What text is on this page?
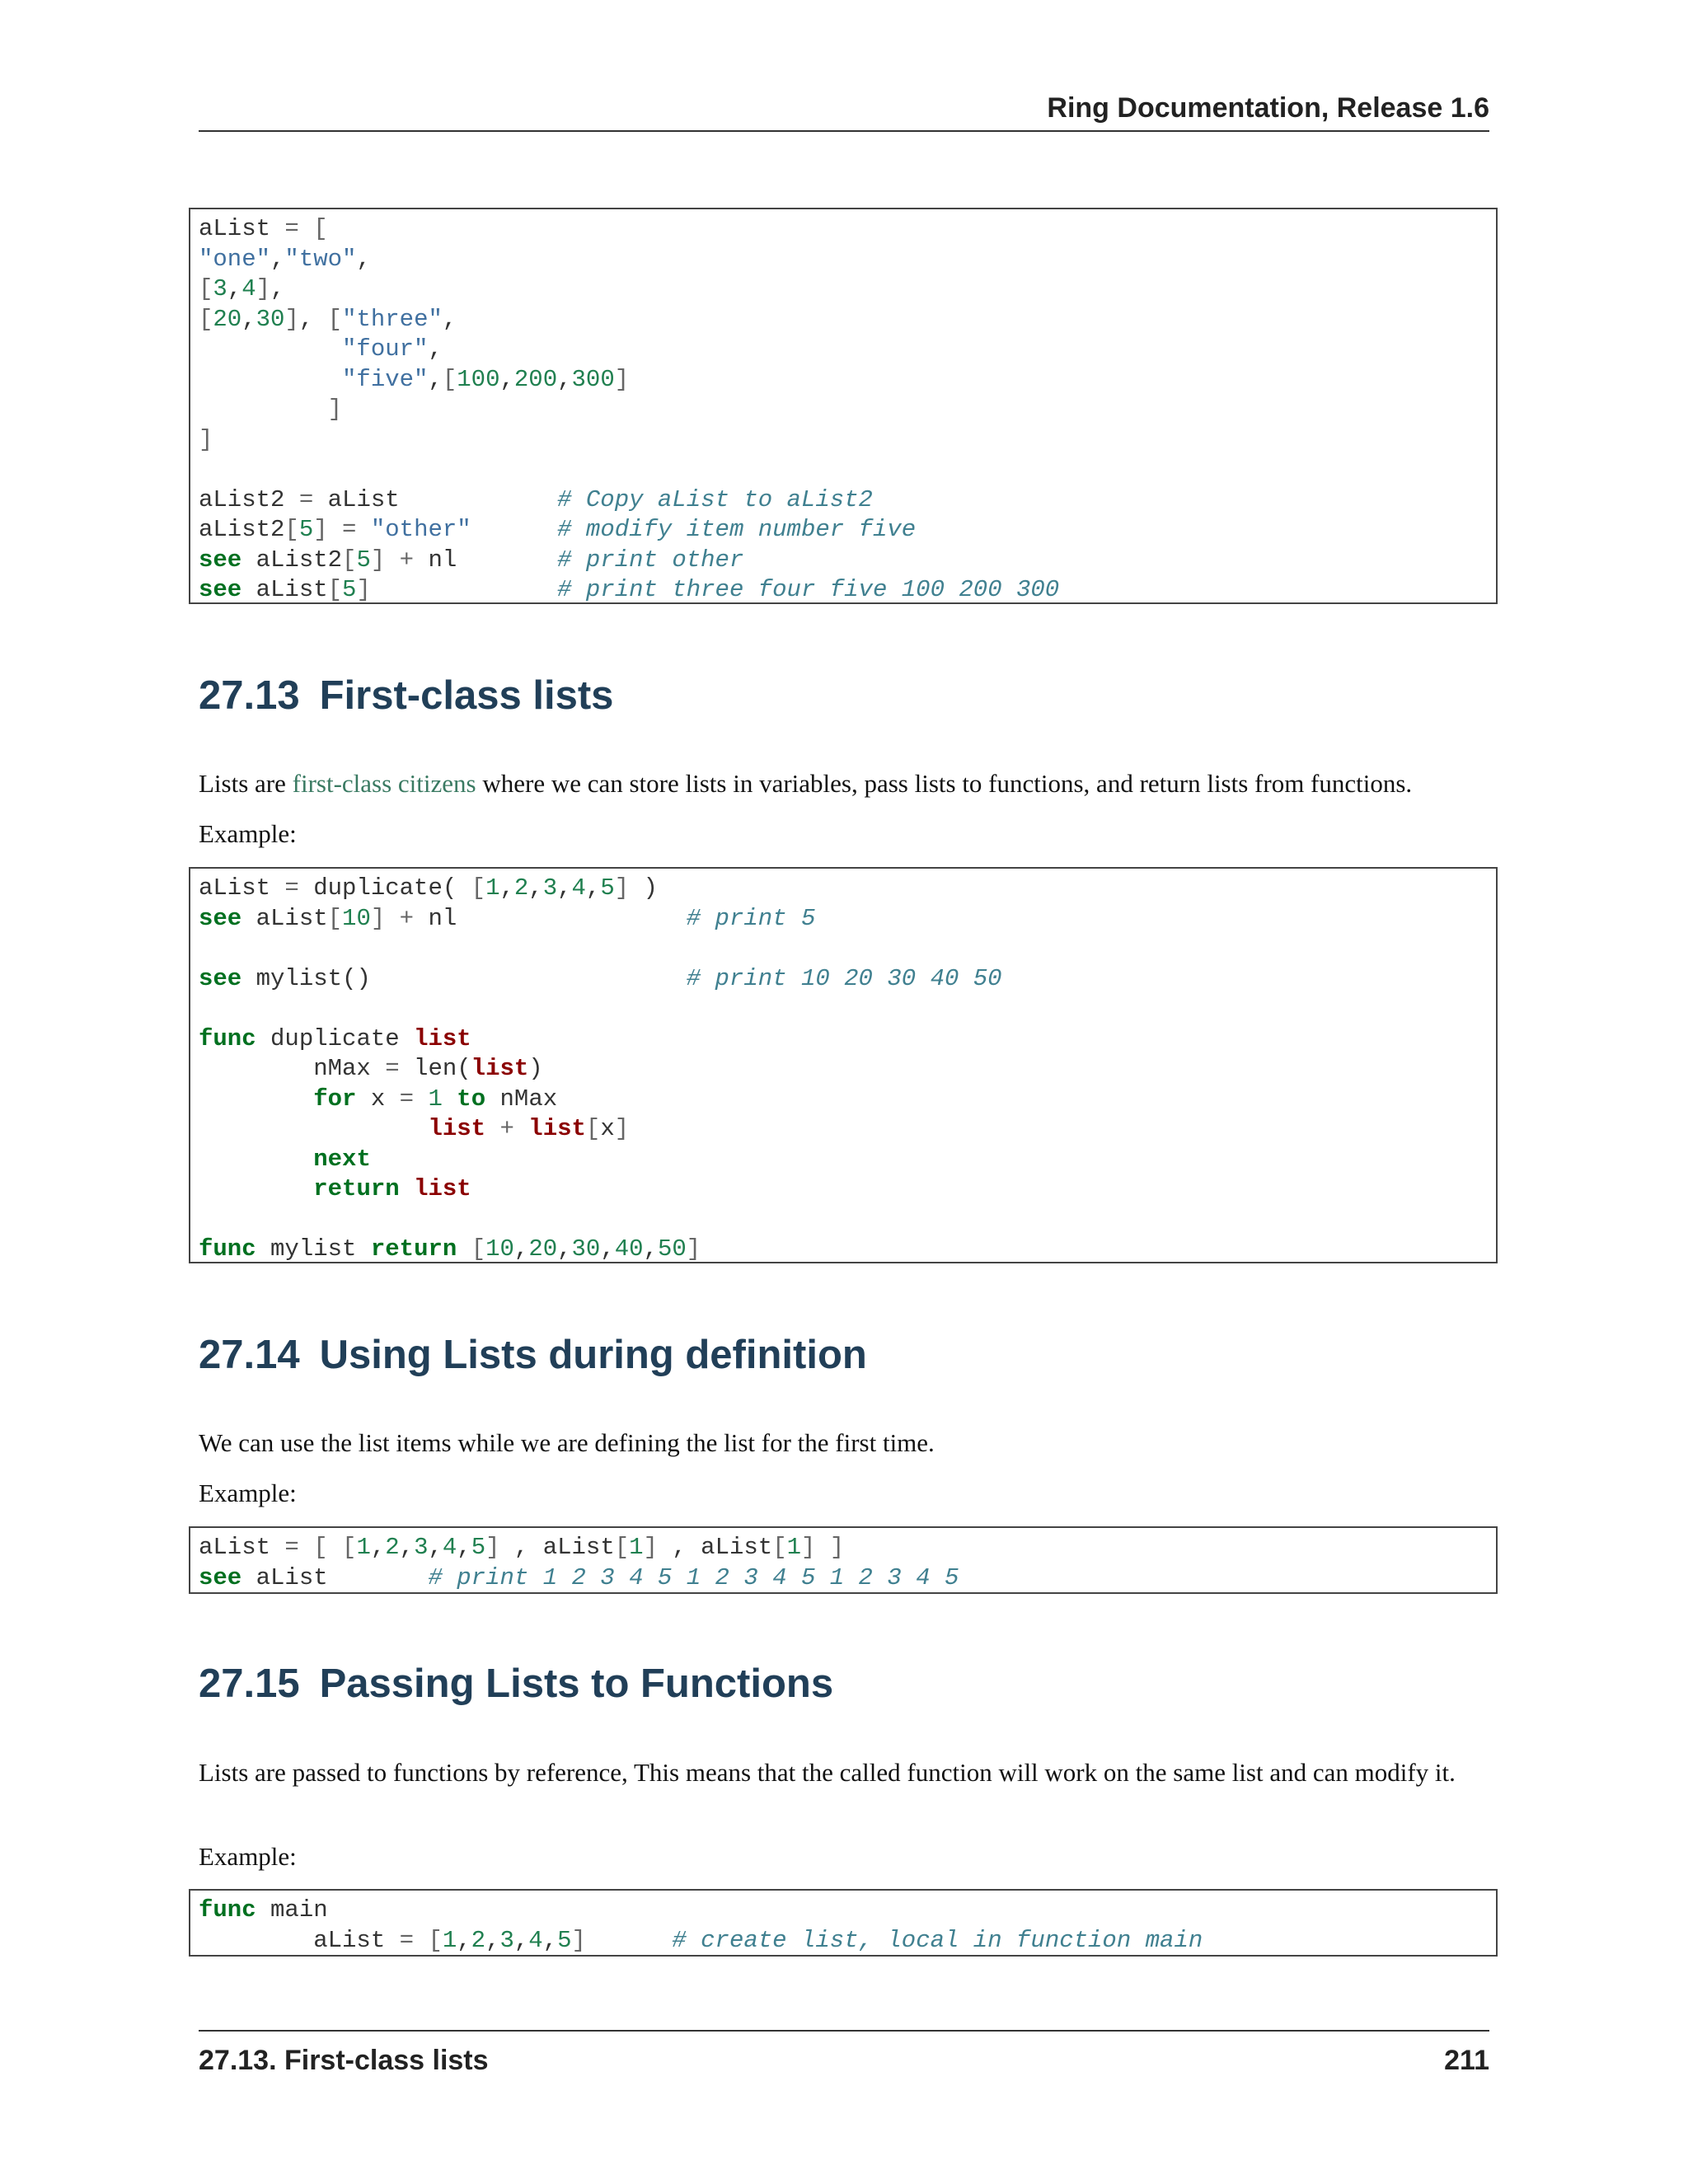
Ring Documentation, Release 1.6
aList = [
"one","two",
[3,4],
[20,30], ["three",
"four",
"five",[100,200,300]
]
]
aList2 = aList           # Copy aList to aList2
aList2[5] = "other"	# modify item number five
see aList2[5] + nl       # print other
see aList[5]	# print three four five 100 200 300
27.13 First-class lists

Lists are first-class citizens where we can store lists in variables, pass lists to functions, and return lists from functions.

Example:

aList = duplicate( [1,2,3,4,5] )
see aList[10] + nl                # print 5
see mylist()                      # print 10 20 30 40 50
func duplicate list
nMax = len(list)
for x = 1 to nMax
list + list[x]
next
return list
func mylist return [10,20,30,40,50]
27.14 Using Lists during definition

We can use the list items while we are defining the list for the first time.

Example:

aList = [ [1,2,3,4,5] , aList[1] , aList[1] ]
see aList       # print 1 2 3 4 5 1 2 3 4 5 1 2 3 4 5
27.15 Passing Lists to Functions

Lists are passed to functions by reference, This means that the called function will work on the same list and can modify it.

Example:

func main
aList = [1,2,3,4,5]	# create list, local in function main
27.13. First-class lists	211
